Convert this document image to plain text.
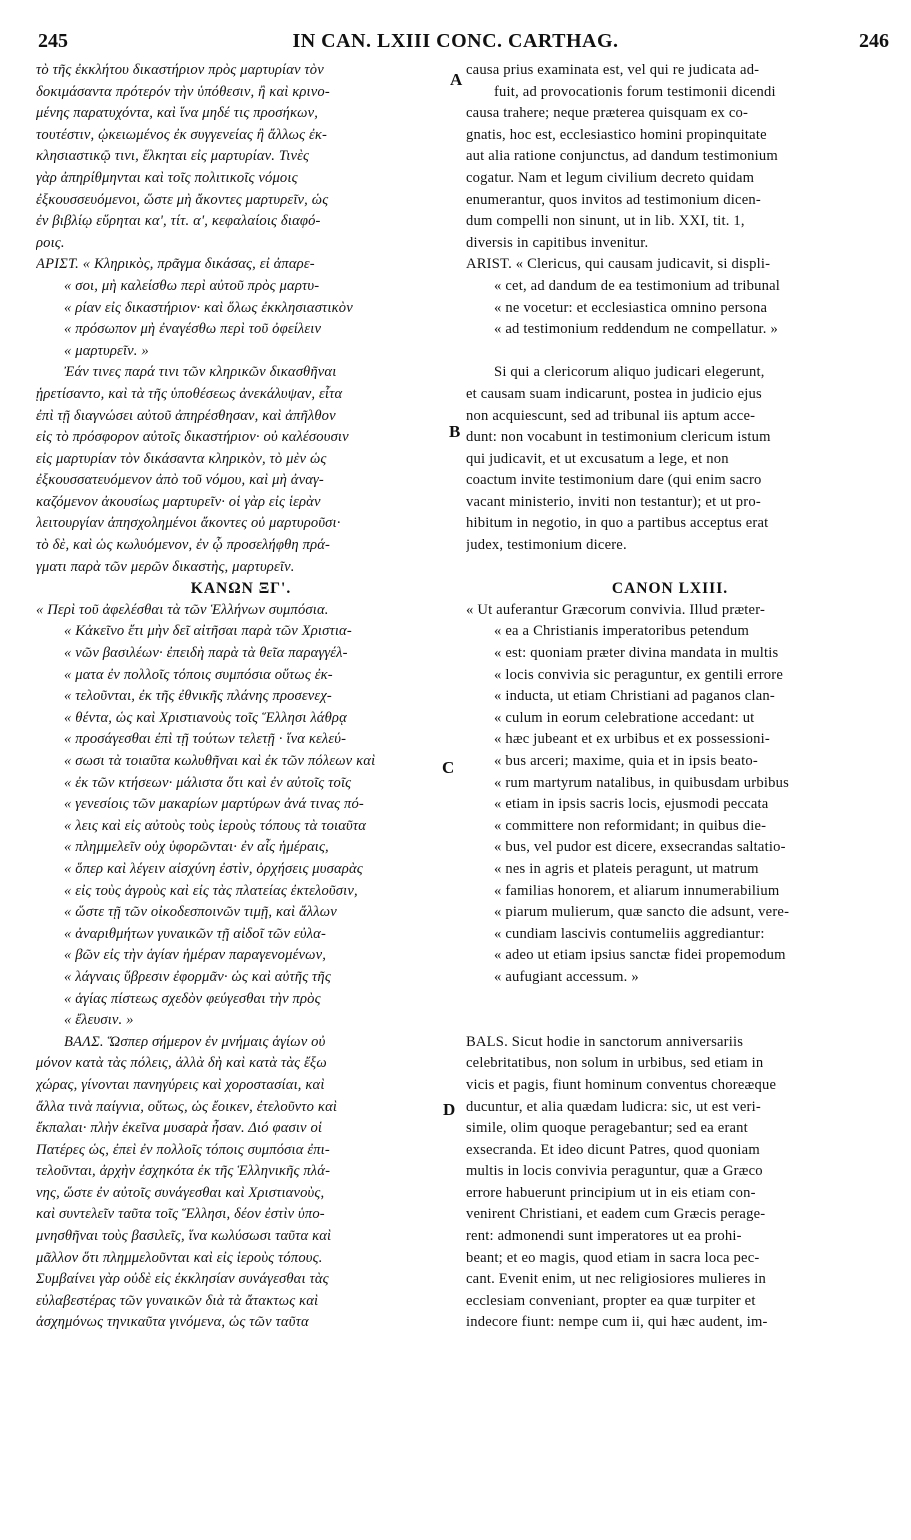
245	IN CAN. LXIII CONC. CARTHAG.	246
A
B
C
D
τὸ τῆς ἐκκλήτου δικαστήριον πρὸς μαρτυρίαν τὸν
δοκιμάσαντα πρότερόν τὴν ὑπόθεσιν, ἢ καὶ κρινο-
μένης παρατυχόντα, καὶ ἵνα μηδέ τις προσήκων,
τουτέστιν, ᾠκειωμένος ἐκ συγγενείας ἢ ἄλλως ἐκ-
κλησιαστικῷ τινι, ἕλκηται εἰς μαρτυρίαν. Τινὲς
γὰρ ἀπηρίθμηνται καὶ τοῖς πολιτικοῖς νόμοις
ἐξκουσσευόμενοι, ὥστε μὴ ἄκοντες μαρτυρεῖν, ὡς
ἐν βιβλίῳ εὕρηται κα', τίτ. α', κεφαλαίοις διαφό-
ροις.
ΑΡΙΣΤ. « Κληρικὸς, πρᾶγμα δικάσας, εἰ ἀπαρε-
« σοι, μὴ καλείσθω περὶ αὐτοῦ πρὸς μαρτυ-
« ρίαν εἰς δικαστήριον· καὶ ὅλως ἐκκλησιαστικὸν
« πρόσωπον μὴ ἐναγέσθω περὶ τοῦ ὀφείλειν
« μαρτυρεῖν. »
Ἐάν τινες παρά τινι τῶν κληρικῶν δικασθῆναι
ᾑρετίσαντο, καὶ τὰ τῆς ὑποθέσεως ἀνεκάλυψαν, εἶτα
ἐπὶ τῇ διαγνώσει αὐτοῦ ἀπηρέσθησαν, καὶ ἀπῆλθον
εἰς τὸ πρόσφορον αὐτοῖς δικαστήριον· οὐ καλέσουσιν
εἰς μαρτυρίαν τὸν δικάσαντα κληρικὸν, τὸ μὲν ὡς
ἐξκουσσατευόμενον ἀπὸ τοῦ νόμου, καὶ μὴ ἀναγ-
καζόμενον ἀκουσίως μαρτυρεῖν· οἱ γὰρ εἰς ἱερὰν
λειτουργίαν ἀπησχολημένοι ἄκοντες οὐ μαρτυροῦσι·
τὸ δὲ, καὶ ὡς κωλυόμενον, ἐν ᾧ προσελήφθη πρά-
γματι παρὰ τῶν μερῶν δικαστὴς, μαρτυρεῖν.
ΚΑΝΩΝ ΞΓ'.
« Περὶ τοῦ ἀφελέσθαι τὰ τῶν Ἑλλήνων συμπόσια.
« Κἀκεῖνο ἔτι μὴν δεῖ αἰτῆσαι παρὰ τῶν Χριστια-
« νῶν βασιλέων· ἐπειδὴ παρὰ τὰ θεῖα παραγγέλ-
« ματα ἐν πολλοῖς τόποις συμπόσια οὕτως ἐκ-
« τελοῦνται, ἐκ τῆς ἐθνικῆς πλάνης προσενεχ-
« θέντα, ὡς καὶ Χριστιανοὺς τοῖς Ἕλλησι λάθρᾳ
« προσάγεσθαι ἐπὶ τῇ τούτων τελετῇ · ἵνα κελεύ-
« σωσι τὰ τοιαῦτα κωλυθῆναι καὶ ἐκ τῶν πόλεων καὶ
« ἐκ τῶν κτήσεων· μάλιστα ὅτι καὶ ἐν αὐτοῖς τοῖς
« γενεσίοις τῶν μακαρίων μαρτύρων ἀνά τινας πό-
« λεις καὶ εἰς αὐτοὺς τοὺς ἱεροὺς τόπους τὰ τοιαῦτα
« πλημμελεῖν οὐχ ὑφορῶνται· ἐν αἷς ἡμέραις,
« ὅπερ καὶ λέγειν αἰσχύνη ἐστὶν, ὀρχήσεις μυσαρὰς
« εἰς τοὺς ἀγροὺς καὶ εἰς τὰς πλατείας ἐκτελοῦσιν,
« ὥστε τῇ τῶν οἰκοδεσποινῶν τιμῇ, καὶ ἄλλων
« ἀναριθμήτων γυναικῶν τῇ αἰδοῖ τῶν εὐλα-
« βῶν εἰς τὴν ἁγίαν ἡμέραν παραγενομένων,
« λάγναις ὕβρεσιν ἐφορμᾶν· ὡς καὶ αὐτῆς τῆς
« ἁγίας πίστεως σχεδὸν φεύγεσθαι τὴν πρὸς
« ἔλευσιν. »
ΒΑΛΣ. Ὥσπερ σήμερον ἐν μνήμαις ἁγίων οὐ
μόνον κατὰ τὰς πόλεις, ἀλλὰ δὴ καὶ κατὰ τὰς ἔξω
χώρας, γίνονται πανηγύρεις καὶ χοροστασίαι, καὶ
ἄλλα τινὰ παίγνια, οὕτως, ὡς ἔοικεν, ἐτελοῦντο καὶ
ἔκπαλαι· πλὴν ἐκεῖνα μυσαρὰ ἦσαν. Διό φασιν οἱ
Πατέρες ὡς, ἐπεὶ ἐν πολλοῖς τόποις συμπόσια ἐπι-
τελοῦνται, ἀρχὴν ἐσχηκότα ἐκ τῆς Ἑλληνικῆς πλά-
νης, ὥστε ἐν αὐτοῖς συνάγεσθαι καὶ Χριστιανοὺς,
καὶ συντελεῖν ταῦτα τοῖς Ἕλλησι, δέον ἐστὶν ὑπο-
μνησθῆναι τοὺς βασιλεῖς, ἵνα κωλύσωσι ταῦτα καὶ
μᾶλλον ὅτι πλημμελοῦνται καὶ εἰς ἱεροὺς τόπους.
Συμβαίνει γὰρ οὐδὲ εἰς ἐκκλησίαν συνάγεσθαι τὰς
εὐλαβεστέρας τῶν γυναικῶν διὰ τὰ ἄτακτως καὶ
ἀσχημόνως τηνικαῦτα γινόμενα, ὡς τῶν ταῦτα
causa prius examinata est, vel qui re judicata ad-
fuit, ad provocationis forum testimonii dicendi
causa trahere; neque præterea quisquam ex co-
gnatis, hoc est, ecclesiastico homini propinquitate
aut alia ratione conjunctus, ad dandum testimonium
cogatur. Nam et legum civilium decreto quidam
enumerantur, quos invitos ad testimonium dicen-
dum compelli non sinunt, ut in lib. XXI, tit. 1,
diversis in capitibus invenitur.
ARIST. « Clericus, qui causam judicavit, si displi-
« cet, ad dandum de ea testimonium ad tribunal
« ne vocetur: et ecclesiastica omnino persona
« ad testimonium reddendum ne compellatur. »
Si qui a clericorum aliquo judicari elegerunt,
et causam suam indicarunt, postea in judicio ejus
non acquiescunt, sed ad tribunal iis aptum acce-
dunt: non vocabunt in testimonium clericum istum
qui judicavit, et ut excusatum a lege, et non
coactum invite testimonium dare (qui enim sacro
vacant ministerio, inviti non testantur); et ut pro-
hibitum in negotio, in quo a partibus acceptus erat
judex, testimonium dicere.
CANON LXIII.
« Ut auferantur Græcorum convivia. Illud præter-
« ea a Christianis imperatoribus petendum
« est: quoniam præter divina mandata in multis
« locis convivia sic peraguntur, ex gentili errore
« inducta, ut etiam Christiani ad paganos clan-
« culum in eorum celebratione accedant: ut
« hæc jubeant et ex urbibus et ex possessioni-
« bus arceri; maxime, quia et in ipsis beato-
« rum martyrum natalibus, in quibusdam urbibus
« etiam in ipsis sacris locis, ejusmodi peccata
« committere non reformidant; in quibus die-
« bus, vel pudor est dicere, exsecrandas saltatio-
« nes in agris et plateis peragunt, ut matrum
« familias honorem, et aliarum innumerabilium
« piarum mulierum, quæ sancto die adsunt, vere-
« cundiam lascivis contumeliis aggrediantur:
« adeo ut etiam ipsius sanctæ fidei propemodum
« aufugiant accessum. »
BALS. Sicut hodie in sanctorum anniversariis
celebritatibus, non solum in urbibus, sed etiam in
vicis et pagis, fiunt hominum conventus choreæque
ducuntur, et alia quædam ludicra: sic, ut est veri-
simile, olim quoque peragebantur; sed ea erant
exsecranda. Et ideo dicunt Patres, quod quoniam
multis in locis convivia peraguntur, quæ a Græco
errore habuerunt principium ut in eis etiam con-
venirent Christiani, et eadem cum Græcis perage-
rent: admonendi sunt imperatores ut ea prohi-
beant; et eo magis, quod etiam in sacra loca pec-
cant. Evenit enim, ut nec religiosiores mulieres in
ecclesiam conveniant, propter ea quæ turpiter et
indecore fiunt: nempe cum ii, qui hæc audent, im-
